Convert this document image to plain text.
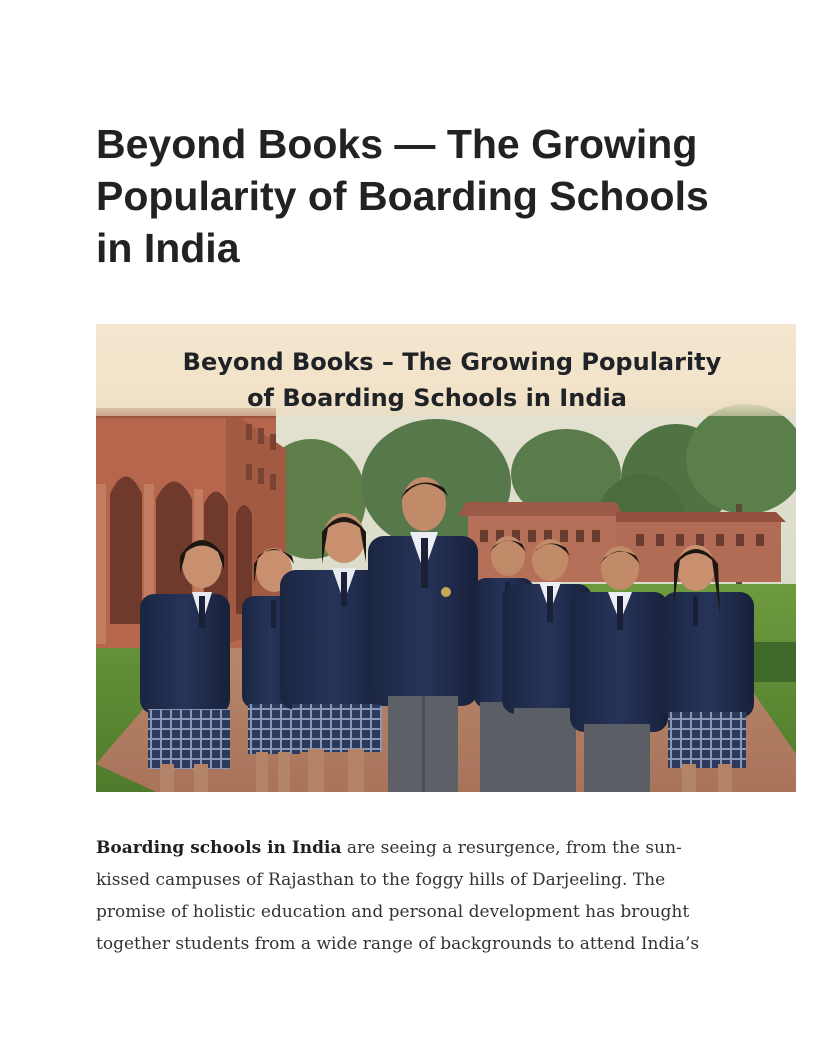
Beyond Books — The Growing Popularity of Boarding Schools in India
Beyond Books – The Growing Popularity
of Boarding Schools in India

Boarding schools in India are seeing a resurgence, from the sun-kissed campuses of Rajasthan to the foggy hills of Darjeeling. The promise of holistic education and personal development has brought together students from a wide range of backgrounds to attend India’s
